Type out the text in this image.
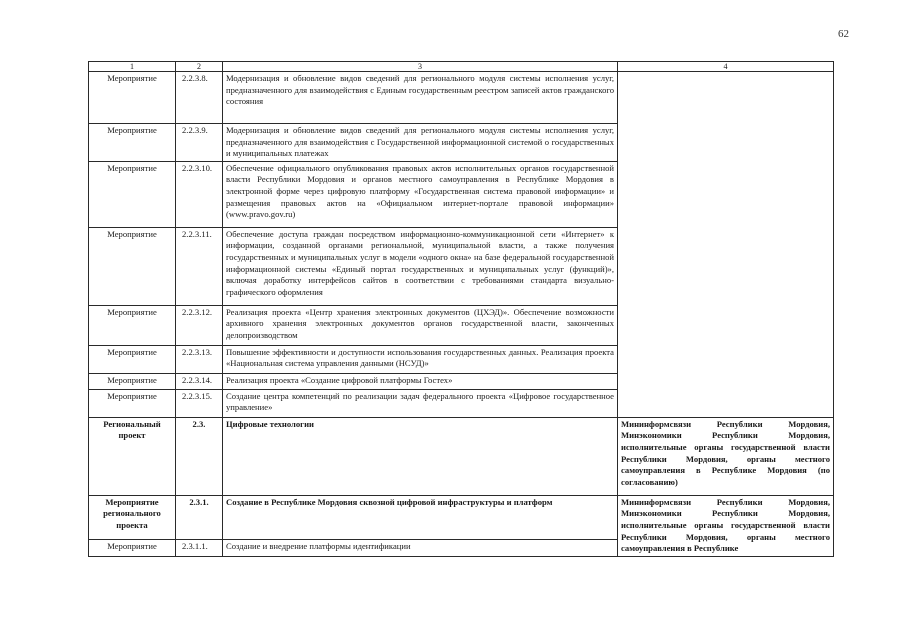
62
1	2	3	4
Мероприятие	2.2.3.8.	Модернизация и обновление видов сведений для регионального модуля системы исполнения услуг, предназначенного для взаимодействия с Единым государственным реестром записей актов гражданского состояния	
Мероприятие	2.2.3.9.	Модернизация и обновление видов сведений для регионального модуля системы исполнения услуг, предназначенного для взаимодействия с Государственной информационной системой о государственных и муниципальных платежах	
Мероприятие	2.2.3.10.	Обеспечение официального опубликования правовых актов исполнительных органов государственной власти Республики Мордовия и органов местного самоуправления в Республике Мордовия в электронной форме через цифровую платформу «Государственная система правовой информации» и размещения правовых актов на «Официальном интернет-портале правовой информации» (www.pravo.gov.ru)	
Мероприятие	2.2.3.11.	Обеспечение доступа граждан посредством информационно-коммуникационной сети «Интернет» к информации, созданной органами региональной, муниципальной власти, а также получения государственных и муниципальных услуг в модели «одного окна» на базе федеральной государственной информационной системы «Единый портал государственных и муниципальных услуг (функций)», включая доработку интерфейсов сайтов в соответствии с требованиями стандарта визуально-графического оформления	
Мероприятие	2.2.3.12.	Реализация проекта «Центр хранения электронных документов (ЦХЭД)». Обеспечение возможности архивного хранения электронных документов органов государственной власти, законченных делопроизводством	
Мероприятие	2.2.3.13.	Повышение эффективности и доступности использования государственных данных. Реализация проекта «Национальная система управления данными (НСУД)»	
Мероприятие	2.2.3.14.	Реализация проекта «Создание цифровой платформы Гостех»	
Мероприятие	2.2.3.15.	Создание центра компетенций по реализации задач федерального проекта «Цифровое государственное управление»	
Региональный проект	2.3.	Цифровые технологии	Мининформсвязи Республики Мордовия, Минэкономики Республики Мордовия, исполнительные органы государственной власти Республики Мордовия, органы местного самоуправления в Республике Мордовия (по согласованию)
Мероприятие регионального проекта	2.3.1.	Создание в Республике Мордовия сквозной цифровой инфраструктуры и платформ	Мининформсвязи Республики Мордовия, Минэкономики Республики Мордовия, исполнительные органы государственной власти Республики Мордовия, органы местного самоуправления в Республике
Мероприятие	2.3.1.1.	Создание и внедрение платформы идентификации	
